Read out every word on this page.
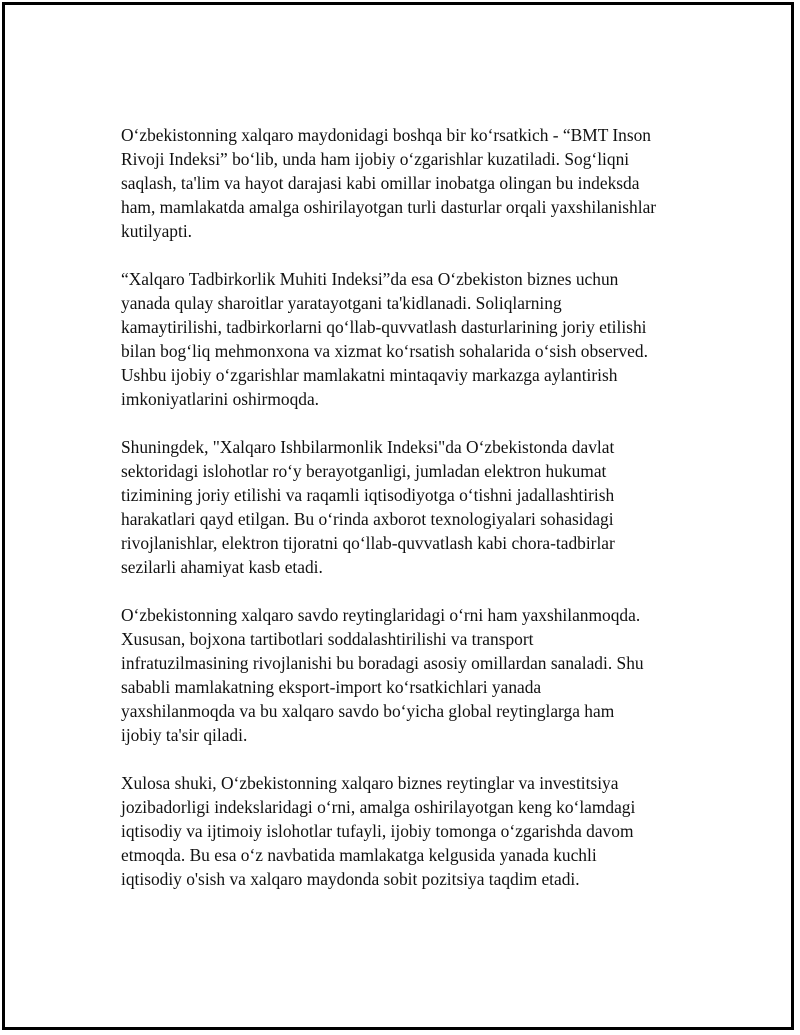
O‘zbekistonning xalqaro maydonidagi boshqa bir ko‘rsatkich - “BMT Inson
Rivoji Indeksi” bo‘lib, unda ham ijobiy o‘zgarishlar kuzatiladi. Sog‘liqni
saqlash, ta'lim va hayot darajasi kabi omillar inobatga olingan bu indeksda
ham, mamlakatda amalga oshirilayotgan turli dasturlar orqali yaxshilanishlar
kutilyapti.

“Xalqaro Tadbirkorlik Muhiti Indeksi”da esa O‘zbekiston biznes uchun
yanada qulay sharoitlar yaratayotgani ta'kidlanadi. Soliqlarning
kamaytirilishi, tadbirkorlarni qo‘llab-quvvatlash dasturlarining joriy etilishi
bilan bog‘liq mehmonxona va xizmat ko‘rsatish sohalarida o‘sish observed.
Ushbu ijobiy o‘zgarishlar mamlakatni mintaqaviy markazga aylantirish
imkoniyatlarini oshirmoqda.

Shuningdek, "Xalqaro Ishbilarmonlik Indeksi"da O‘zbekistonda davlat
sektoridagi islohotlar ro‘y berayotganligi, jumladan elektron hukumat
tizimining joriy etilishi va raqamli iqtisodiyotga o‘tishni jadallashtirish
harakatlari qayd etilgan. Bu o‘rinda axborot texnologiyalari sohasidagi
rivojlanishlar, elektron tijoratni qo‘llab-quvvatlash kabi chora-tadbirlar
sezilarli ahamiyat kasb etadi.

O‘zbekistonning xalqaro savdo reytinglaridagi o‘rni ham yaxshilanmoqda.
Xususan, bojxona tartibotlari soddalashtirilishi va transport
infratuzilmasining rivojlanishi bu boradagi asosiy omillardan sanaladi. Shu
sababli mamlakatning eksport-import ko‘rsatkichlari yanada
yaxshilanmoqda va bu xalqaro savdo bo‘yicha global reytinglarga ham
ijobiy ta'sir qiladi.

Xulosa shuki, O‘zbekistonning xalqaro biznes reytinglar va investitsiya
jozibadorligi indekslaridagi o‘rni, amalga oshirilayotgan keng ko‘lamdagi
iqtisodiy va ijtimoiy islohotlar tufayli, ijobiy tomonga o‘zgarishda davom
etmoqda. Bu esa o‘z navbatida mamlakatga kelgusida yanada kuchli
iqtisodiy o'sish va xalqaro maydonda sobit pozitsiya taqdim etadi.
